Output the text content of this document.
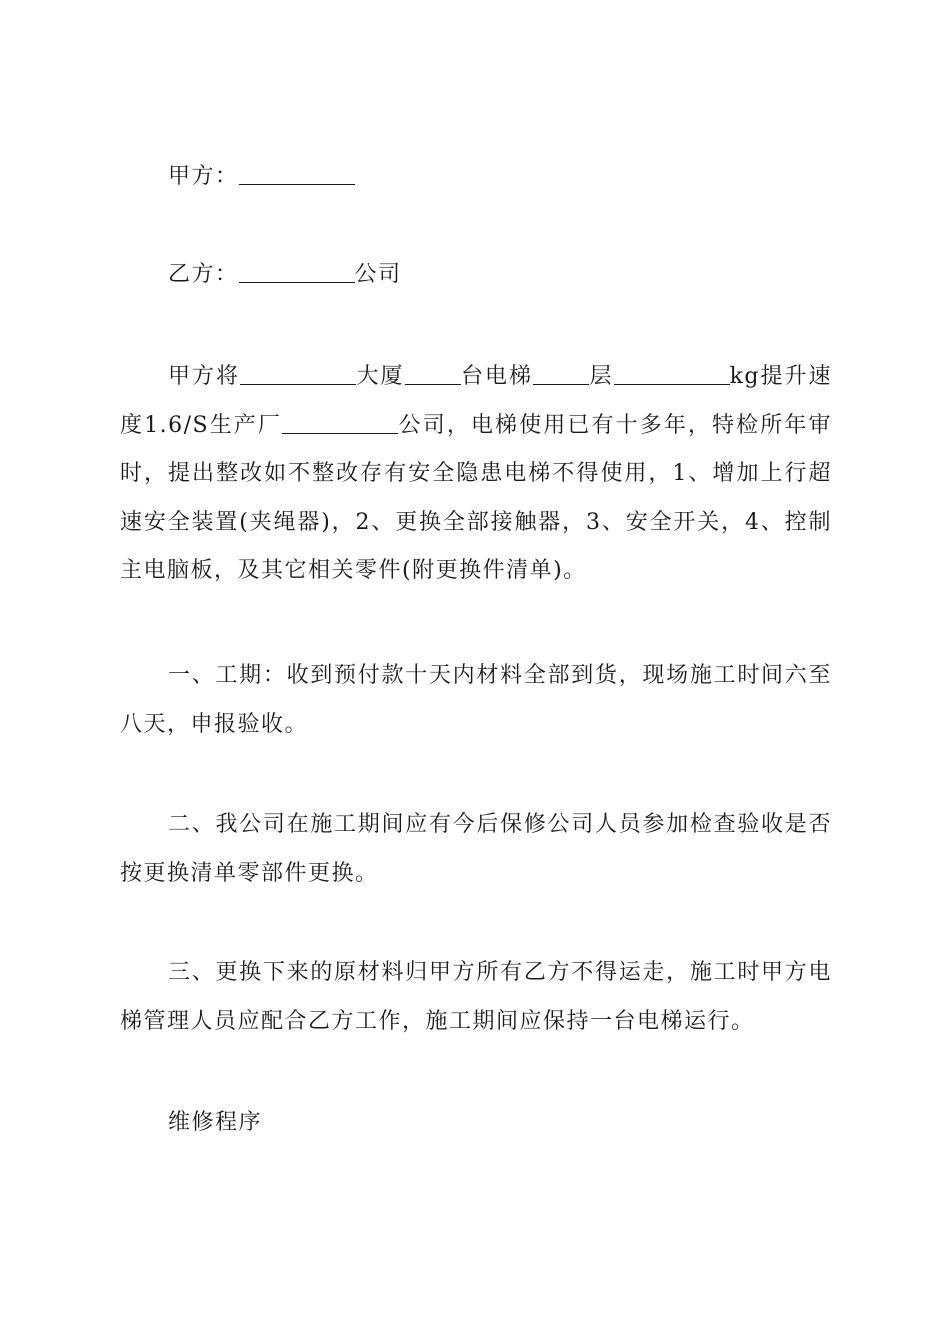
甲方：

乙方：	公司

甲方将	大厦	台电梯	层	kg提升速度1.6/S生产厂	公司，电梯使用已有十多年，特检所年审时，提出整改如不整改存有安全隐患电梯不得使用，1、增加上行超速安全装置(夹绳器)，2、更换全部接触器，3、安全开关，4、控制主电脑板，及其它相关零件(附更换件清单)。

一、工期：收到预付款十天内材料全部到货，现场施工时间六至八天，申报验收。

二、我公司在施工期间应有今后保修公司人员参加检查验收是否按更换清单零部件更换。

三、更换下来的原材料归甲方所有乙方不得运走，施工时甲方电梯管理人员应配合乙方工作，施工期间应保持一台电梯运行。

维修程序
